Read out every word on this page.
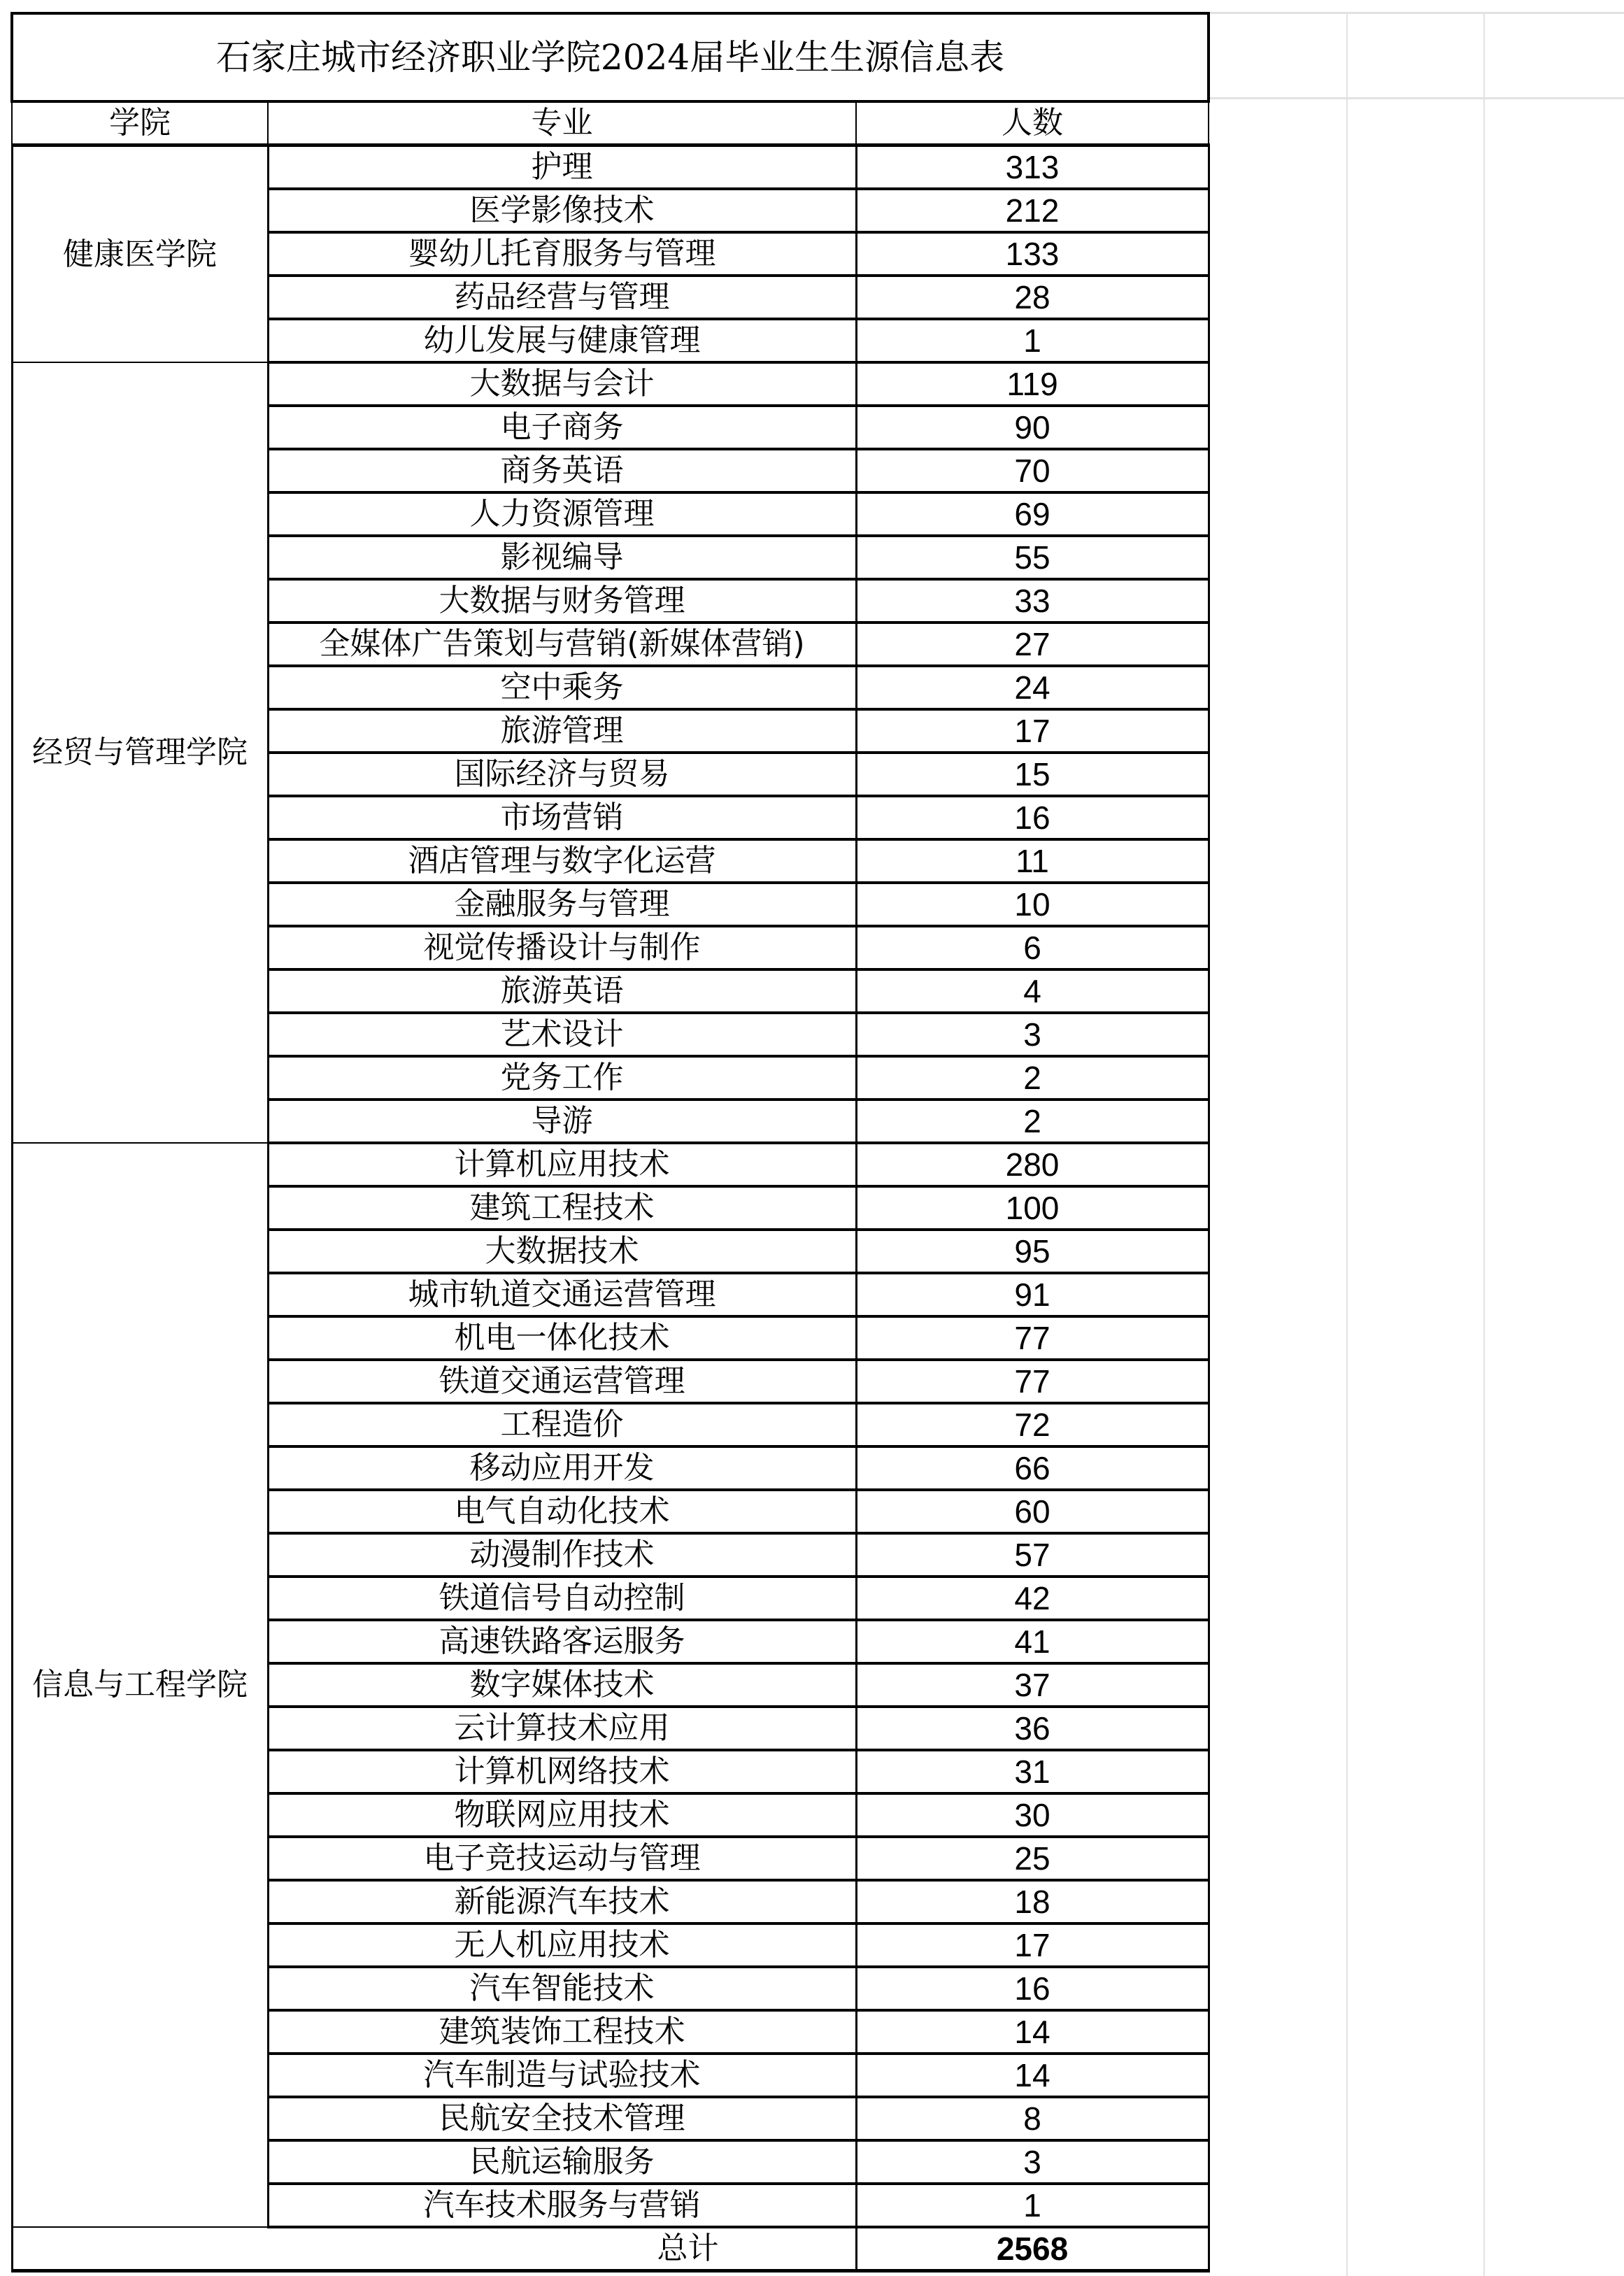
石家庄城市经济职业学院2024届毕业生生源信息表		
学院	专业	人数
健康医学院	护理	313
	医学影像技术	212
	婴幼儿托育服务与管理	133
	药品经营与管理	28
	幼儿发展与健康管理	1
经贸与管理学院	大数据与会计	119
	电子商务	90
	商务英语	70
	人力资源管理	69
	影视编导	55
	大数据与财务管理	33
	全媒体广告策划与营销(新媒体营销)	27
	空中乘务	24
	旅游管理	17
	国际经济与贸易	15
	市场营销	16
	酒店管理与数字化运营	11
	金融服务与管理	10
	视觉传播设计与制作	6
	旅游英语	4
	艺术设计	3
	党务工作	2
	导游	2
信息与工程学院	计算机应用技术	280
	建筑工程技术	100
	大数据技术	95
	城市轨道交通运营管理	91
	机电一体化技术	77
	铁道交通运营管理	77
	工程造价	72
	移动应用开发	66
	电气自动化技术	60
	动漫制作技术	57
	铁道信号自动控制	42
	高速铁路客运服务	41
	数字媒体技术	37
	云计算技术应用	36
	计算机网络技术	31
	物联网应用技术	30
	电子竞技运动与管理	25
	新能源汽车技术	18
	无人机应用技术	17
	汽车智能技术	16
	建筑装饰工程技术	14
	汽车制造与试验技术	14
	民航安全技术管理	8
	民航运输服务	3
	汽车技术服务与营销	1
总计		2568
